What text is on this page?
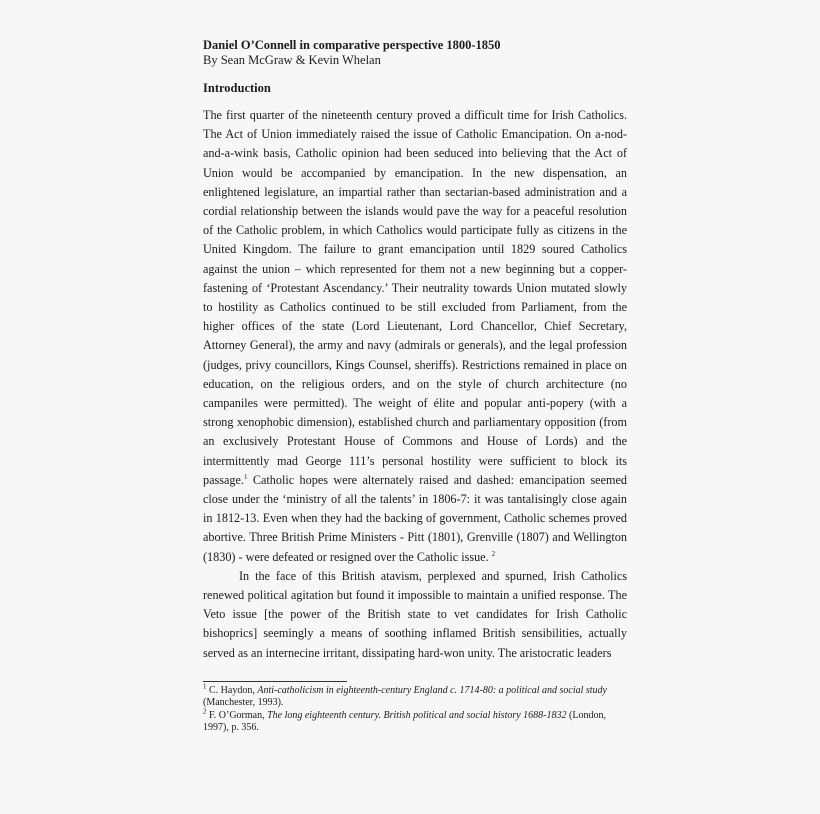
Daniel O’Connell in comparative perspective 1800-1850

By Sean McGraw & Kevin Whelan

Introduction

The first quarter of the nineteenth century proved a difficult time for Irish Catholics. The Act of Union immediately raised the issue of Catholic Emancipation. On a-nod-and-a-wink basis, Catholic opinion had been seduced into believing that the Act of Union would be accompanied by emancipation. In the new dispensation, an enlightened legislature, an impartial rather than sectarian-based administration and a cordial relationship between the islands would pave the way for a peaceful resolution of the Catholic problem, in which Catholics would participate fully as citizens in the United Kingdom. The failure to grant emancipation until 1829 soured Catholics against the union – which represented for them not a new beginning but a copper-fastening of ‘Protestant Ascendancy.’ Their neutrality towards Union mutated slowly to hostility as Catholics continued to be still excluded from Parliament, from the higher offices of the state (Lord Lieutenant, Lord Chancellor, Chief Secretary, Attorney General), the army and navy (admirals or generals), and the legal profession (judges, privy councillors, Kings Counsel, sheriffs). Restrictions remained in place on education, on the religious orders, and on the style of church architecture (no campaniles were permitted). The weight of élite and popular anti-popery (with a strong xenophobic dimension), established church and parliamentary opposition (from an exclusively Protestant House of Commons and House of Lords) and the intermittently mad George 111’s personal hostility were sufficient to block its passage.$^1$ Catholic hopes were alternately raised and dashed: emancipation seemed close under the ‘ministry of all the talents’ in 1806-7: it was tantalisingly close again in 1812-13. Even when they had the backing of government, Catholic schemes proved abortive. Three British Prime Ministers - Pitt (1801), Grenville (1807) and Wellington (1830) - were defeated or resigned over the Catholic issue. $^2$

In the face of this British atavism, perplexed and spurned, Irish Catholics renewed political agitation but found it impossible to maintain a unified response. The Veto issue [the power of the British state to vet candidates for Irish Catholic bishoprics] seemingly a means of soothing inflamed British sensibilities, actually served as an internecine irritant, dissipating hard-won unity. The aristocratic leaders

$^1$ C. Haydon, Anti-catholicism in eighteenth-century England c. 1714-80: a political and social study (Manchester, 1993).

$^2$ F. O’Gorman, The long eighteenth century. British political and social history 1688-1832 (London, 1997), p. 356.
